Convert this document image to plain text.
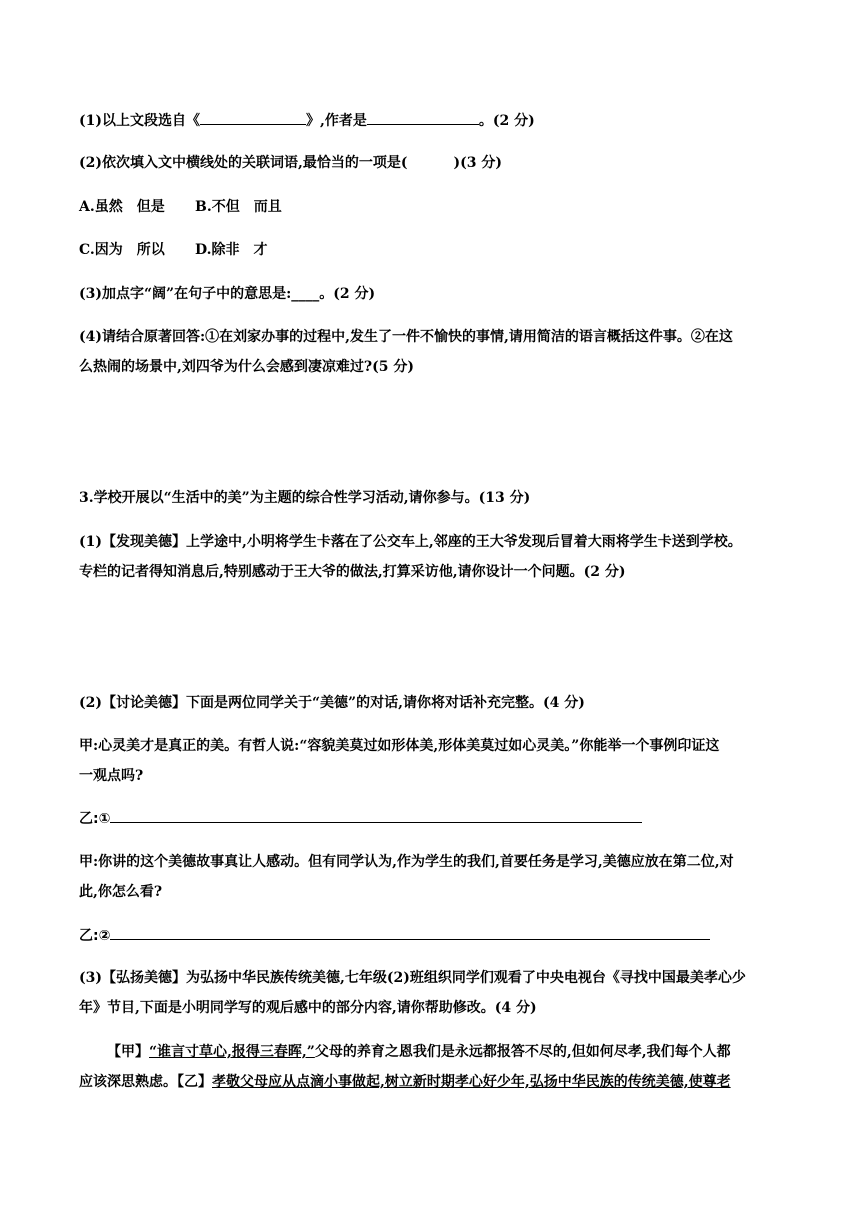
(1)以上文段选自《	》,作者是	。(2 分)
(2)依次填入文中横线处的关联词语,最恰当的一项是(	)(3 分)
A.虽然　但是 B.不但　而且
C.因为　所以 D.除非　才
(3)加点字“阔”在句子中的意思是:____。(2 分)
(4)请结合原著回答:①在刘家办事的过程中,发生了一件不愉快的事情,请用简洁的语言概括这件事。②在这
么热闹的场景中,刘四爷为什么会感到凄凉难过?(5 分)
3.学校开展以“生活中的美”为主题的综合性学习活动,请你参与。(13 分)
(1)【发现美德】上学途中,小明将学生卡落在了公交车上,邻座的王大爷发现后冒着大雨将学生卡送到学校。
专栏的记者得知消息后,特别感动于王大爷的做法,打算采访他,请你设计一个问题。(2 分)
(2)【讨论美德】下面是两位同学关于“美德”的对话,请你将对话补充完整。(4 分)
甲:心灵美才是真正的美。有哲人说:“容貌美莫过如形体美,形体美莫过如心灵美。”你能举一个事例印证这
一观点吗?
乙:①
甲:你讲的这个美德故事真让人感动。但有同学认为,作为学生的我们,首要任务是学习,美德应放在第二位,对
此,你怎么看?
乙:②
(3)【弘扬美德】为弘扬中华民族传统美德,七年级(2)班组织同学们观看了中央电视台《寻找中国最美孝心少
年》节目,下面是小明同学写的观后感中的部分内容,请你帮助修改。(4 分)
【甲】“谁言寸草心,报得三春晖,”父母的养育之恩我们是永远都报答不尽的,但如何尽孝,我们每个人都
应该深思熟虑。【乙】孝敬父母应从点滴小事做起,树立新时期孝心好少年,弘扬中华民族的传统美德,使尊老
